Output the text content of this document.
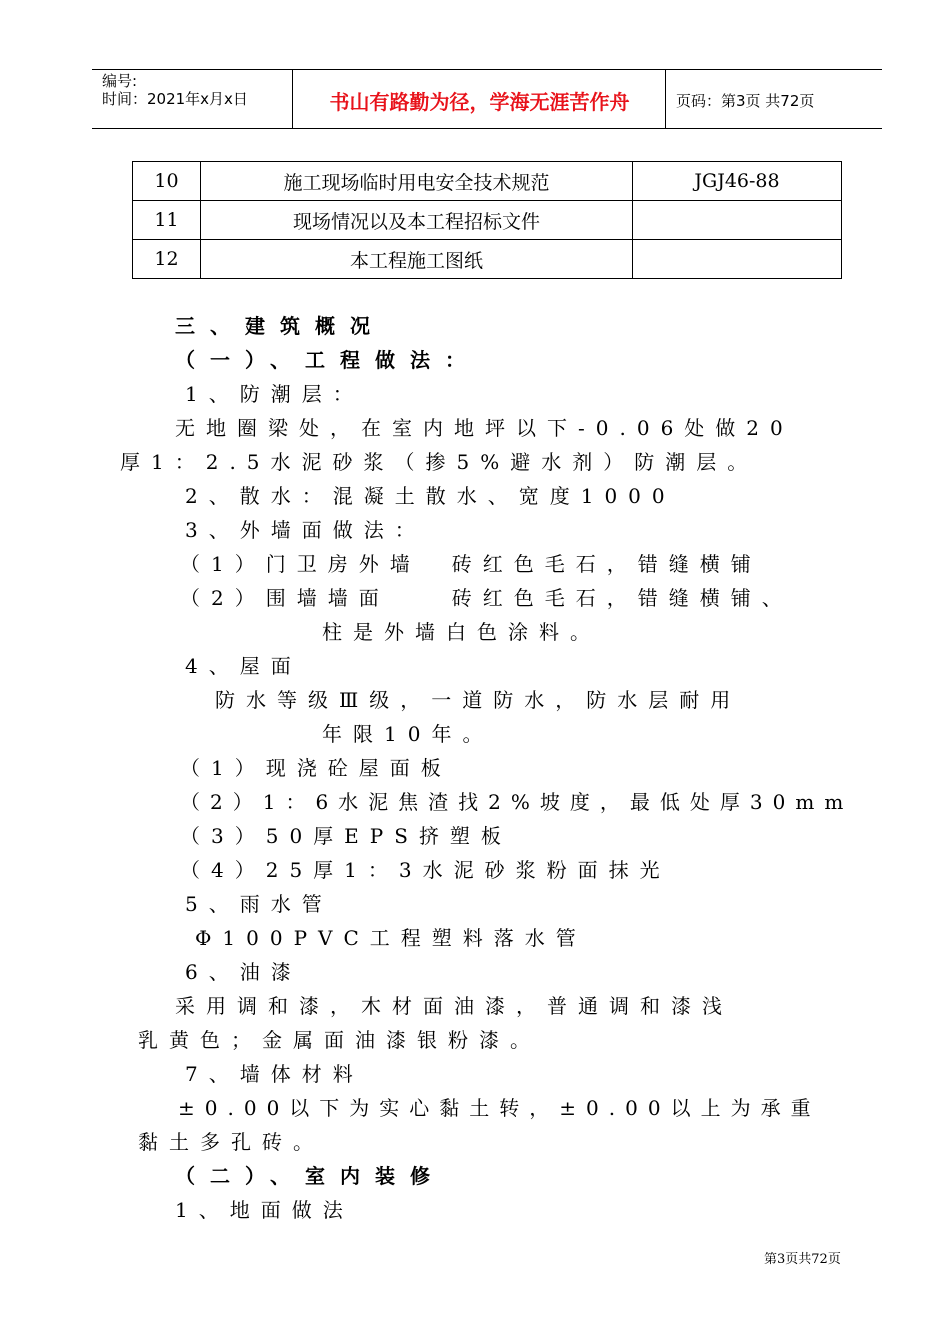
编号:
时间：2021年x月x日	书山有路勤为径，学海无涯苦作舟	页码：第3页 共72页
10	施工现场临时用电安全技术规范	JGJ46-88
11	现场情况以及本工程招标文件	
12	本工程施工图纸	
三、建筑概况
（一）、工程做法：
1、防潮层：
无地圈梁处，在室内地坪以下-0.06处做20
厚1：2.5水泥砂浆（掺5%避水剂）防潮层。
2、散水：混凝土散水、宽度1000
3、外墙面做法：
（1）门卫房外墙　砖红色毛石，错缝横铺
（2）围墙墙面　　砖红色毛石，错缝横铺、
柱是外墙白色涂料。
4、屋面
防水等级Ⅲ级，一道防水，防水层耐用
年限10年。
（1）现浇砼屋面板
（2）1：6水泥焦渣找2%坡度，最低处厚30mm
（3）50厚EPS挤塑板
（4）25厚1：3水泥砂浆粉面抹光
5、雨水管
Φ100PVC工程塑料落水管
6、油漆
采用调和漆，木材面油漆，普通调和漆浅
乳黄色；金属面油漆银粉漆。
7、墙体材料
±0.00以下为实心黏土转，±0.00以上为承重
黏土多孔砖。
（二）、室内装修
1、地面做法
第3页共72页
